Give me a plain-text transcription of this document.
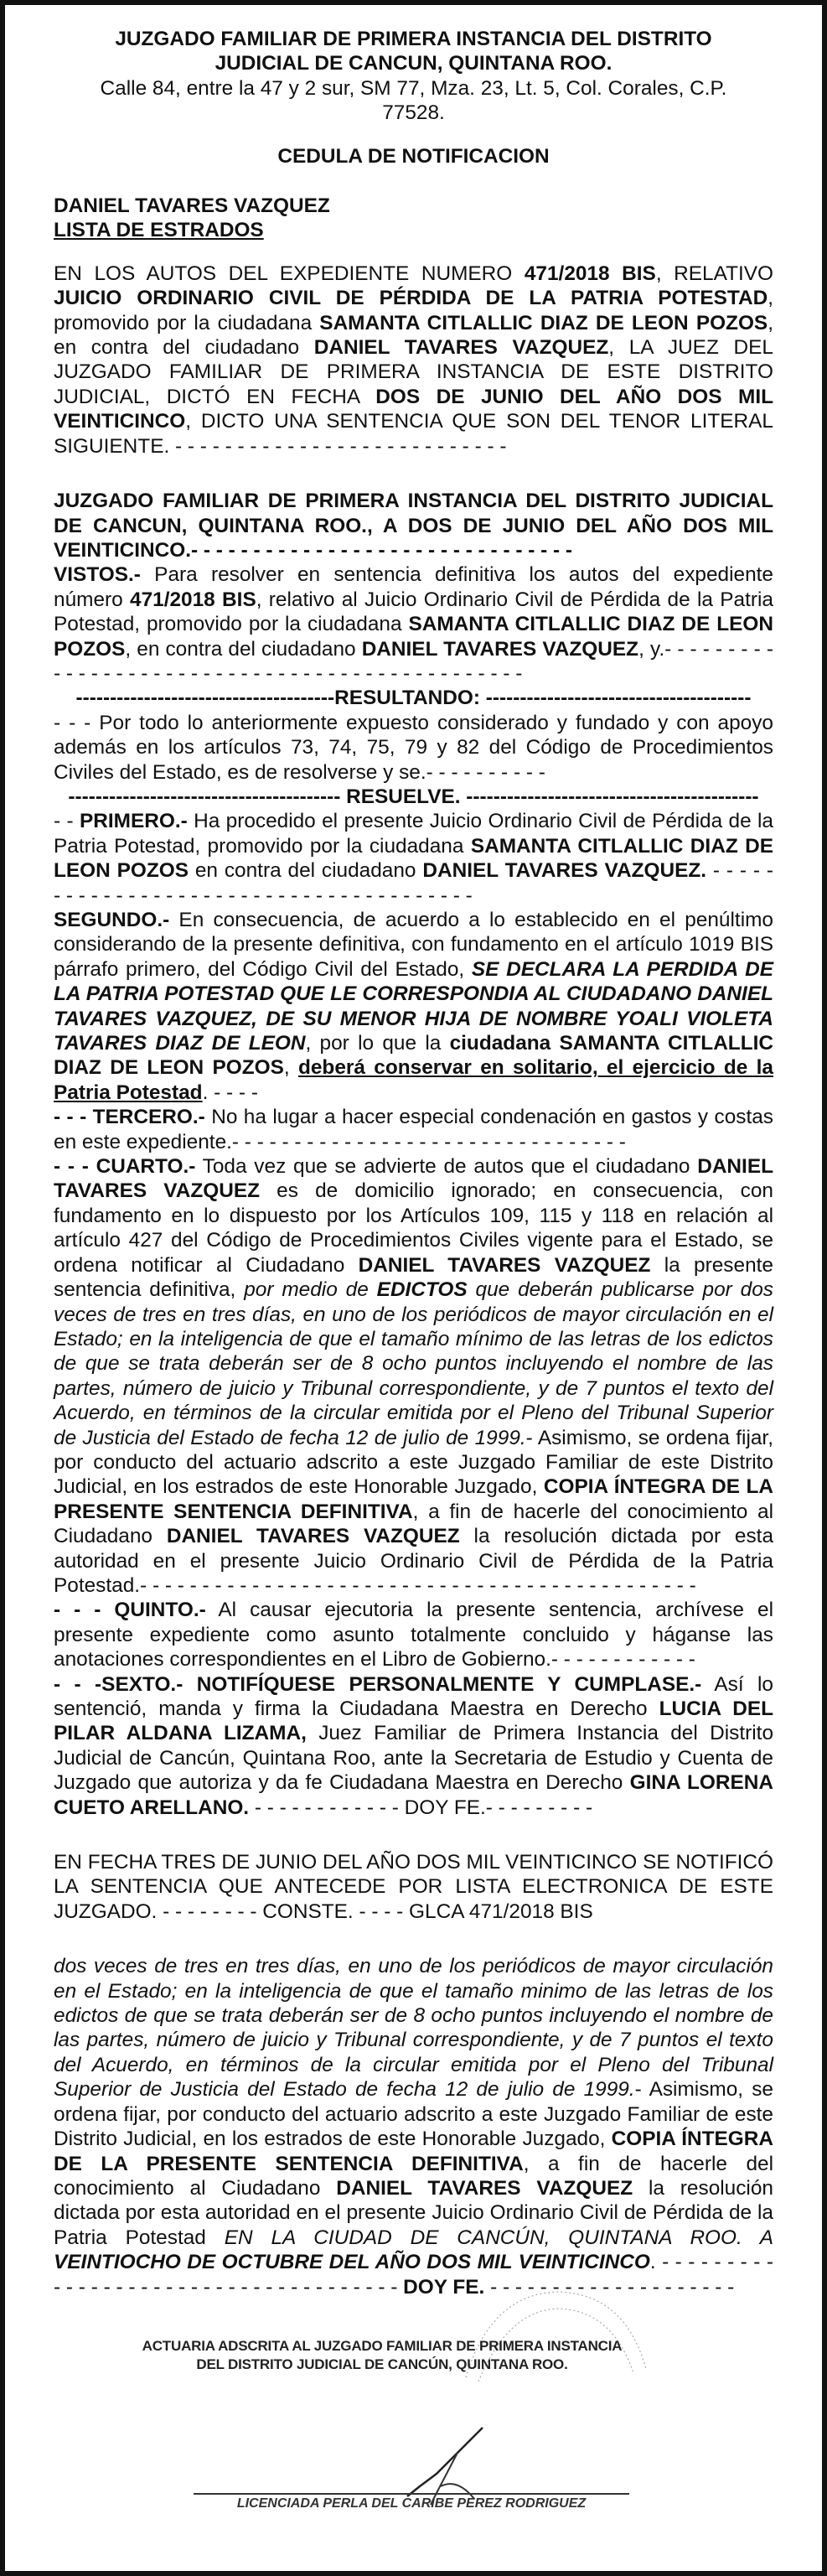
JUZGADO FAMILIAR DE PRIMERA INSTANCIA DEL DISTRITO

JUDICIAL DE CANCUN, QUINTANA ROO.

Calle 84, entre la 47 y 2 sur, SM 77, Mza. 23, Lt. 5, Col. Corales, C.P.

77528.

CEDULA DE NOTIFICACION

DANIEL TAVARES VAZQUEZ

LISTA DE ESTRADOS

EN LOS AUTOS DEL EXPEDIENTE NUMERO 471/2018 BIS, RELATIVO JUICIO ORDINARIO CIVIL DE PÉRDIDA DE LA PATRIA POTESTAD, promovido por la ciudadana SAMANTA CITLALLIC DIAZ DE LEON POZOS, en contra del ciudadano DANIEL TAVARES VAZQUEZ, LA JUEZ DEL JUZGADO FAMILIAR DE PRIMERA INSTANCIA DE ESTE DISTRITO JUDICIAL, DICTÓ EN FECHA DOS DE JUNIO DEL AÑO DOS MIL VEINTICINCO, DICTO UNA SENTENCIA QUE SON DEL TENOR LITERAL SIGUIENTE. - - - - - - - - - - - - - - - - - - - - - - - - - - -

JUZGADO FAMILIAR DE PRIMERA INSTANCIA DEL DISTRITO JUDICIAL DE CANCUN, QUINTANA ROO., A DOS DE JUNIO DEL AÑO DOS MIL VEINTICINCO.- - - - - - - - - - - - - - - - - - - - - - - - - - - - - - -

VISTOS.- Para resolver en sentencia definitiva los autos del expediente número 471/2018 BIS, relativo al Juicio Ordinario Civil de Pérdida de la Patria Potestad, promovido por la ciudadana SAMANTA CITLALLIC DIAZ DE LEON POZOS, en contra del ciudadano DANIEL TAVARES VAZQUEZ, y.- - - - - - - - - - - - - - - - - - - - - - - - - - - - - - - - - - - - - - - - - - - - - - -

--------------------------------------RESULTANDO: ---------------------------------------

- - - Por todo lo anteriormente expuesto considerado y fundado y con apoyo además en los artículos 73, 74, 75, 79 y 82 del Código de Procedimientos Civiles del Estado, es de resolverse y se.- - - - - - - - - -

---------------------------------------- RESUELVE. -------------------------------------------

- - PRIMERO.- Ha procedido el presente Juicio Ordinario Civil de Pérdida de la Patria Potestad, promovido por la ciudadana SAMANTA CITLALLIC DIAZ DE LEON POZOS en contra del ciudadano DANIEL TAVARES VAZQUEZ. - - - - - - - - - - - - - - - - - - - - - - - - - - - - - - - - - - - - - - -

SEGUNDO.- En consecuencia, de acuerdo a lo establecido en el penúltimo considerando de la presente definitiva, con fundamento en el artículo 1019 BIS párrafo primero, del Código Civil del Estado, SE DECLARA LA PERDIDA DE LA PATRIA POTESTAD QUE LE CORRESPONDIA AL CIUDADANO DANIEL TAVARES VAZQUEZ, DE SU MENOR HIJA DE NOMBRE YOALI VIOLETA TAVARES DIAZ DE LEON, por lo que la ciudadana SAMANTA CITLALLIC DIAZ DE LEON POZOS, deberá conservar en solitario, el ejercicio de la Patria Potestad. - - - -

- - - TERCERO.- No ha lugar a hacer especial condenación en gastos y costas en este expediente.- - - - - - - - - - - - - - - - - - - - - - - - - - - - - - - -

- - - CUARTO.- Toda vez que se advierte de autos que el ciudadano DANIEL TAVARES VAZQUEZ es de domicilio ignorado; en consecuencia, con fundamento en lo dispuesto por los Artículos 109, 115 y 118 en relación al artículo 427 del Código de Procedimientos Civiles vigente para el Estado, se ordena notificar al Ciudadano DANIEL TAVARES VAZQUEZ la presente sentencia definitiva, por medio de EDICTOS que deberán publicarse por dos veces de tres en tres días, en uno de los periódicos de mayor circulación en el Estado; en la inteligencia de que el tamaño mínimo de las letras de los edictos de que se trata deberán ser de 8 ocho puntos incluyendo el nombre de las partes, número de juicio y Tribunal correspondiente, y de 7 puntos el texto del Acuerdo, en términos de la circular emitida por el Pleno del Tribunal Superior de Justicia del Estado de fecha 12 de julio de 1999.- Asimismo, se ordena fijar, por conducto del actuario adscrito a este Juzgado Familiar de este Distrito Judicial, en los estrados de este Honorable Juzgado, COPIA ÍNTEGRA DE LA PRESENTE SENTENCIA DEFINITIVA, a fin de hacerle del conocimiento al Ciudadano DANIEL TAVARES VAZQUEZ la resolución dictada por esta autoridad en el presente Juicio Ordinario Civil de Pérdida de la Patria Potestad.- - - - - - - - - - - - - - - - - - - - - - - - - - - - - - - - - - - - - - - - - - - - -

- - - QUINTO.- Al causar ejecutoria la presente sentencia, archívese el presente expediente como asunto totalmente concluido y háganse las anotaciones correspondientes en el Libro de Gobierno.- - - - - - - - - - - -

- - -SEXTO.- NOTIFÍQUESE PERSONALMENTE Y CUMPLASE.- Así lo sentenció, manda y firma la Ciudadana Maestra en Derecho LUCIA DEL PILAR ALDANA LIZAMA, Juez Familiar de Primera Instancia del Distrito Judicial de Cancún, Quintana Roo, ante la Secretaria de Estudio y Cuenta de Juzgado que autoriza y da fe Ciudadana Maestra en Derecho GINA LORENA CUETO ARELLANO. - - - - - - - - - - - - DOY FE.- - - - - - - - -

EN FECHA TRES DE JUNIO DEL AÑO DOS MIL VEINTICINCO SE NOTIFICÓ LA SENTENCIA QUE ANTECEDE POR LISTA ELECTRONICA DE ESTE JUZGADO. - - - - - - - - CONSTE. - - - - GLCA 471/2018 BIS

dos veces de tres en tres días, en uno de los periódicos de mayor circulación en el Estado; en la inteligencia de que el tamaño minimo de las letras de los edictos de que se trata deberán ser de 8 ocho puntos incluyendo el nombre de las partes, número de juicio y Tribunal correspondiente, y de 7 puntos el texto del Acuerdo, en términos de la circular emitida por el Pleno del Tribunal Superior de Justicia del Estado de fecha 12 de julio de 1999.- Asimismo, se ordena fijar, por conducto del actuario adscrito a este Juzgado Familiar de este Distrito Judicial, en los estrados de este Honorable Juzgado, COPIA ÍNTEGRA DE LA PRESENTE SENTENCIA DEFINITIVA, a fin de hacerle del conocimiento al Ciudadano DANIEL TAVARES VAZQUEZ la resolución dictada por esta autoridad en el presente Juicio Ordinario Civil de Pérdida de la Patria Potestad EN LA CIUDAD DE CANCÚN, QUINTANA ROO. A VEINTIOCHO DE OCTUBRE DEL AÑO DOS MIL VEINTICINCO. - - - - - - - - - - - - - - - - - - - - - - - - - - - - - - - - - - - - - DOY FE. - - - - - - - - - - - - - - - - - - - -

ACTUARIA ADSCRITA AL JUZGADO FAMILIAR DE PRIMERA INSTANCIA
DEL DISTRITO JUDICIAL DE CANCÚN, QUINTANA ROO.
LICENCIADA PERLA DEL CARIBE PEREZ RODRIGUEZ
